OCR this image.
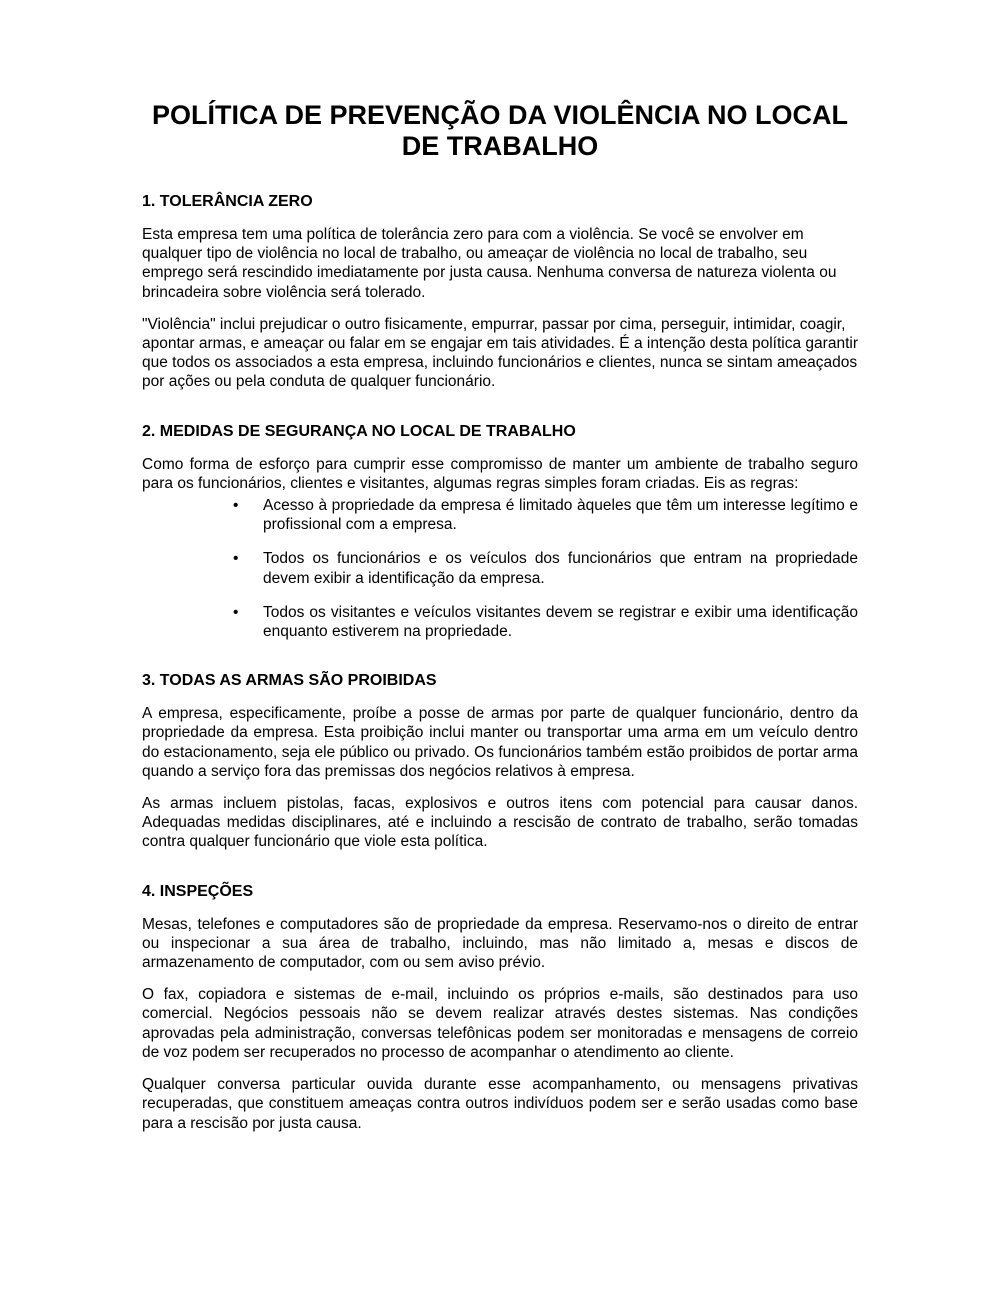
POLÍTICA DE PREVENÇÃO DA VIOLÊNCIA NO LOCAL DE TRABALHO
1. TOLERÂNCIA ZERO

Esta empresa tem uma política de tolerância zero para com a violência. Se você se envolver em qualquer tipo de violência no local de trabalho, ou ameaçar de violência no local de trabalho, seu emprego será rescindido imediatamente por justa causa. Nenhuma conversa de natureza violenta ou brincadeira sobre violência será tolerado.

"Violência" inclui prejudicar o outro fisicamente, empurrar, passar por cima, perseguir, intimidar, coagir, apontar armas, e ameaçar ou falar em se engajar em tais atividades. É a intenção desta política garantir que todos os associados a esta empresa, incluindo funcionários e clientes, nunca se sintam ameaçados por ações ou pela conduta de qualquer funcionário.

2. MEDIDAS DE SEGURANÇA NO LOCAL DE TRABALHO

Como forma de esforço para cumprir esse compromisso de manter um ambiente de trabalho seguro para os funcionários, clientes e visitantes, algumas regras simples foram criadas. Eis as regras:

•	Acesso à propriedade da empresa é limitado àqueles que têm um interesse legítimo e profissional com a empresa.
•	Todos os funcionários e os veículos dos funcionários que entram na propriedade devem exibir a identificação da empresa.
•	Todos os visitantes e veículos visitantes devem se registrar e exibir uma identificação enquanto estiverem na propriedade.
3. TODAS AS ARMAS SÃO PROIBIDAS

A empresa, especificamente, proíbe a posse de armas por parte de qualquer funcionário, dentro da propriedade da empresa. Esta proibição inclui manter ou transportar uma arma em um veículo dentro do estacionamento, seja ele público ou privado. Os funcionários também estão proibidos de portar arma quando a serviço fora das premissas dos negócios relativos à empresa.

As armas incluem pistolas, facas, explosivos e outros itens com potencial para causar danos. Adequadas medidas disciplinares, até e incluindo a rescisão de contrato de trabalho, serão tomadas contra qualquer funcionário que viole esta política.

4. INSPEÇÕES

Mesas, telefones e computadores são de propriedade da empresa. Reservamo-nos o direito de entrar ou inspecionar a sua área de trabalho, incluindo, mas não limitado a, mesas e discos de armazenamento de computador, com ou sem aviso prévio.

O fax, copiadora e sistemas de e-mail, incluindo os próprios e-mails, são destinados para uso comercial. Negócios pessoais não se devem realizar através destes sistemas. Nas condições aprovadas pela administração, conversas telefônicas podem ser monitoradas e mensagens de correio de voz podem ser recuperados no processo de acompanhar o atendimento ao cliente.

Qualquer conversa particular ouvida durante esse acompanhamento, ou mensagens privativas recuperadas, que constituem ameaças contra outros indivíduos podem ser e serão usadas como base para a rescisão por justa causa.
